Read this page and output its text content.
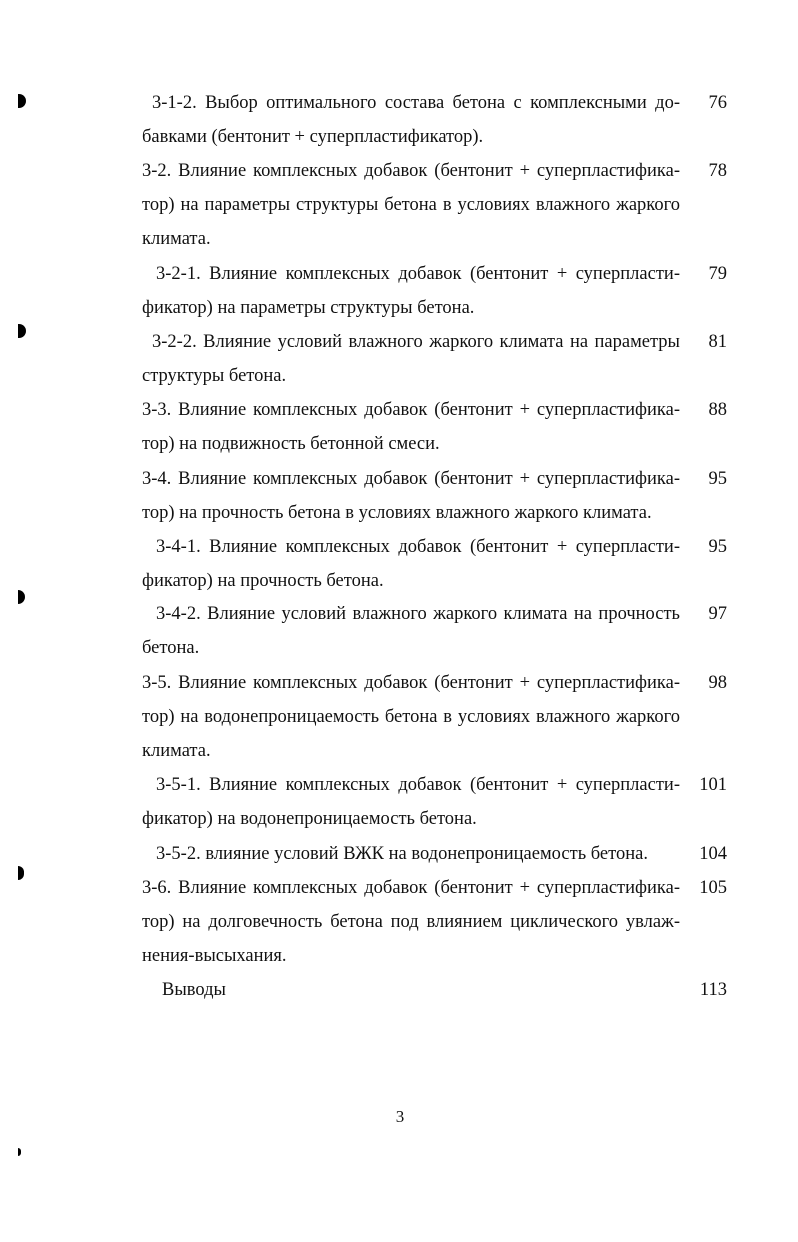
3-1-2. Выбор оптимального состава бетона с комплексными до-
бавками (бентонит + суперпластификатор).
76
3-2. Влияние комплексных добавок (бентонит + суперпластифика-
тор) на параметры структуры бетона в условиях влажного жаркого
климата.
78
3-2-1. Влияние комплексных добавок (бентонит + суперпласти-
фикатор) на параметры структуры бетона.
79
3-2-2. Влияние условий влажного жаркого климата на параметры
структуры бетона.
81
3-3. Влияние комплексных добавок (бентонит + суперпластифика-
тор) на подвижность бетонной смеси.
88
3-4. Влияние комплексных добавок (бентонит + суперпластифика-
тор) на прочность бетона в условиях влажного жаркого климата.
95
3-4-1. Влияние комплексных добавок (бентонит + суперпласти-
фикатор) на прочность бетона.
95
3-4-2. Влияние условий влажного жаркого климата на прочность
бетона.
97
3-5. Влияние комплексных добавок (бентонит + суперпластифика-
тор) на водонепроницаемость бетона в условиях влажного жаркого
климата.
98
3-5-1. Влияние комплексных добавок (бентонит + суперпласти-
фикатор) на водонепроницаемость бетона.
101
3-5-2. влияние условий ВЖК на водонепроницаемость бетона.	104
3-6. Влияние комплексных добавок (бентонит + суперпластифика-
тор) на долговечность бетона под влиянием циклического увлаж-
нения-высыхания.
105
Выводы	113
3
